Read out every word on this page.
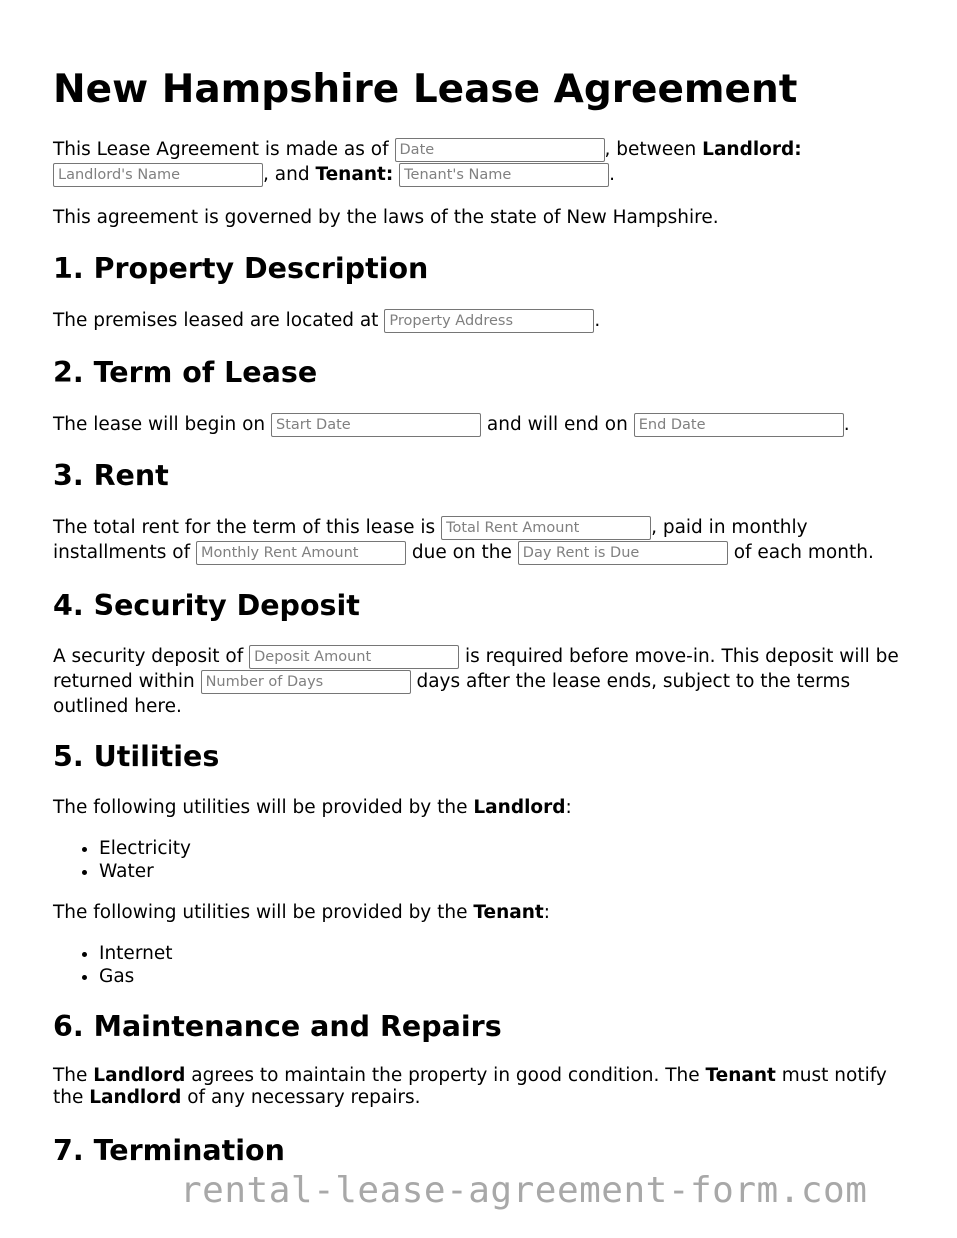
New Hampshire Lease Agreement
This Lease Agreement is made as of Date	, between Landlord:
Landlord's Name, and Tenant: Tenant's Name	.
This agreement is governed by the laws of the state of New Hampshire.
1. Property Description
The premises leased are located at Property Address	.
2. Term of Lease
The lease will begin on Start Date	and will end on End Date	.
3. Rent
The total rent for the term of this lease is Total Rent Amount	, paid in monthly
installments of Monthly Rent Amount	due on the Day Rent is Due	of each month.
4. Security Deposit
A security deposit of Deposit Amount	is required before move-in. This deposit will be
returned within Number of Days	days after the lease ends, subject to the terms
outlined here.
5. Utilities
The following utilities will be provided by the Landlord:
• Electricity
• Water
The following utilities will be provided by the Tenant:
• Internet
• Gas
6. Maintenance and Repairs
The Landlord agrees to maintain the property in good condition. The Tenant must notify
the Landlord of any necessary repairs.
7. Termination
rental-lease-agreement-form.com
